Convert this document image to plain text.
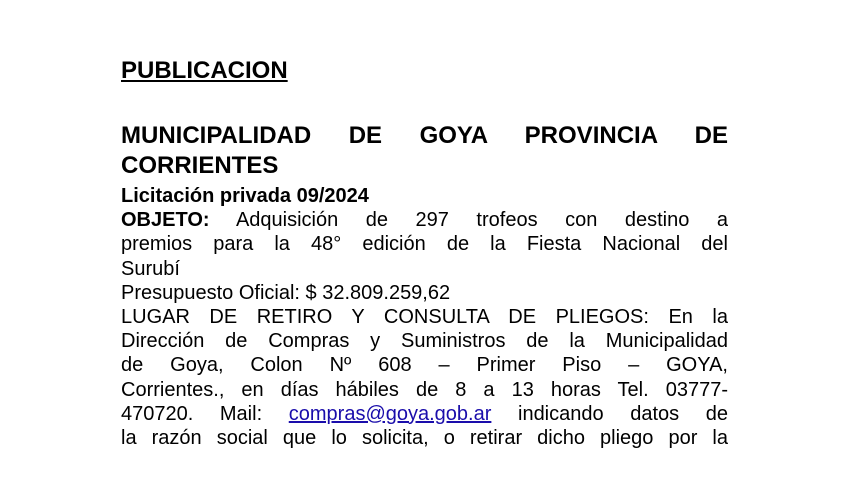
PUBLICACION
MUNICIPALIDAD DE GOYA PROVINCIA DE
CORRIENTES
Licitación privada 09/2024
OBJETO: Adquisición de 297 trofeos con destino a
premios para la 48° edición de la Fiesta Nacional del
Surubí
Presupuesto Oficial: $ 32.809.259,62
LUGAR DE RETIRO Y CONSULTA DE PLIEGOS: En la
Dirección de Compras y Suministros de la Municipalidad
de Goya, Colon Nº 608 – Primer Piso – GOYA,
Corrientes., en días hábiles de 8 a 13 horas Tel. 03777-
470720. Mail: compras@goya.gob.ar indicando datos de
la razón social que lo solicita, o retirar dicho pliego por la
